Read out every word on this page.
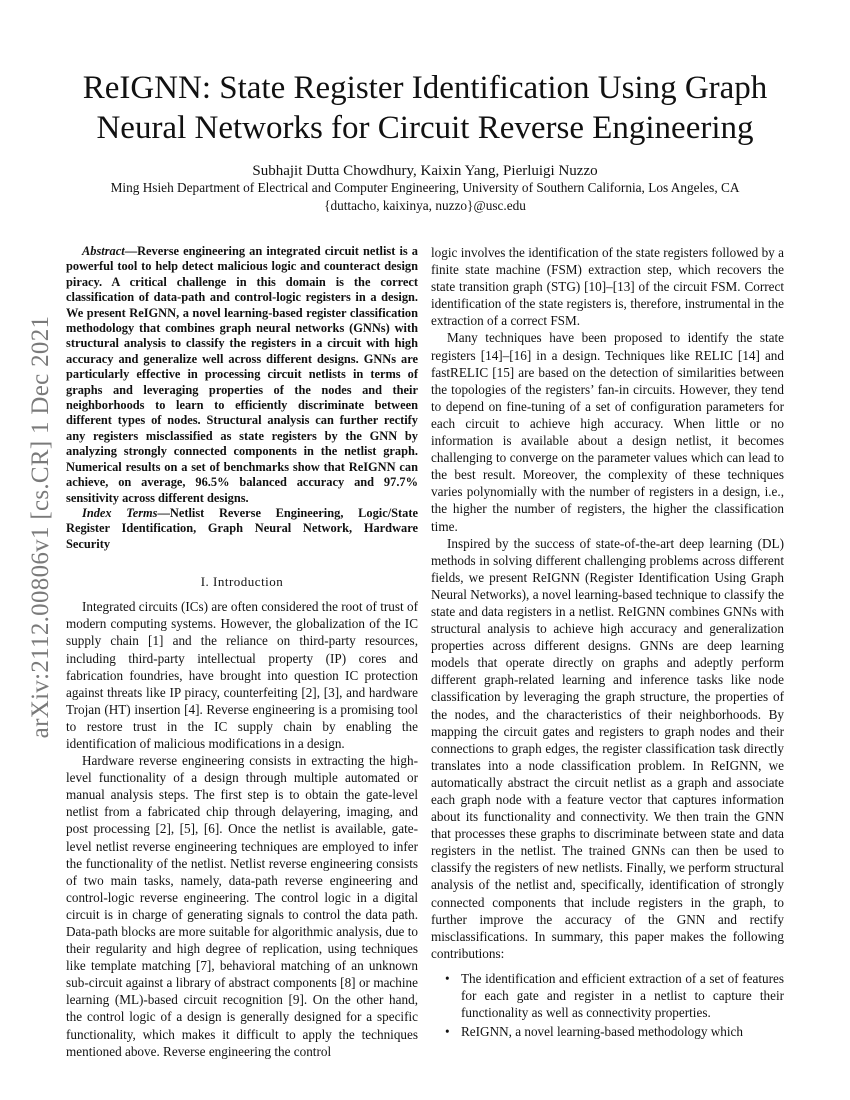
arXiv:2112.00806v1 [cs.CR] 1 Dec 2021
ReIGNN: State Register Identification Using Graph Neural Networks for Circuit Reverse Engineering
Subhajit Dutta Chowdhury, Kaixin Yang, Pierluigi Nuzzo
Ming Hsieh Department of Electrical and Computer Engineering, University of Southern California, Los Angeles, CA
{duttacho, kaixinya, nuzzo}@usc.edu

Abstract—Reverse engineering an integrated circuit netlist is a powerful tool to help detect malicious logic and counteract design piracy. A critical challenge in this domain is the correct classification of data-path and control-logic registers in a design. We present ReIGNN, a novel learning-based register classification methodology that combines graph neural networks (GNNs) with structural analysis to classify the registers in a circuit with high accuracy and generalize well across different designs. GNNs are particularly effective in processing circuit netlists in terms of graphs and leveraging properties of the nodes and their neighborhoods to learn to efficiently discriminate between different types of nodes. Structural analysis can further rectify any registers misclassified as state registers by the GNN by analyzing strongly connected components in the netlist graph. Numerical results on a set of benchmarks show that ReIGNN can achieve, on average, 96.5% balanced accuracy and 97.7% sensitivity across different designs.

Index Terms—Netlist Reverse Engineering, Logic/State Register Identification, Graph Neural Network, Hardware Security

I. Introduction

Integrated circuits (ICs) are often considered the root of trust of modern computing systems. However, the globalization of the IC supply chain [1] and the reliance on third-party resources, including third-party intellectual property (IP) cores and fabrication foundries, have brought into question IC protection against threats like IP piracy, counterfeiting [2], [3], and hardware Trojan (HT) insertion [4]. Reverse engineering is a promising tool to restore trust in the IC supply chain by enabling the identification of malicious modifications in a design.

Hardware reverse engineering consists in extracting the high-level functionality of a design through multiple automated or manual analysis steps. The first step is to obtain the gate-level netlist from a fabricated chip through delayering, imaging, and post processing [2], [5], [6]. Once the netlist is available, gate-level netlist reverse engineering techniques are employed to infer the functionality of the netlist. Netlist reverse engineering consists of two main tasks, namely, data-path reverse engineering and control-logic reverse engineering. The control logic in a digital circuit is in charge of generating signals to control the data path. Data-path blocks are more suitable for algorithmic analysis, due to their regularity and high degree of replication, using techniques like template matching [7], behavioral matching of an unknown sub-circuit against a library of abstract components [8] or machine learning (ML)-based circuit recognition [9]. On the other hand, the control logic of a design is generally designed for a specific functionality, which makes it difficult to apply the techniques mentioned above. Reverse engineering the control

logic involves the identification of the state registers followed by a finite state machine (FSM) extraction step, which recovers the state transition graph (STG) [10]–[13] of the circuit FSM. Correct identification of the state registers is, therefore, instrumental in the extraction of a correct FSM.

Many techniques have been proposed to identify the state registers [14]–[16] in a design. Techniques like RELIC [14] and fastRELIC [15] are based on the detection of similarities between the topologies of the registers’ fan-in circuits. However, they tend to depend on fine-tuning of a set of configuration parameters for each circuit to achieve high accuracy. When little or no information is available about a design netlist, it becomes challenging to converge on the parameter values which can lead to the best result. Moreover, the complexity of these techniques varies polynomially with the number of registers in a design, i.e., the higher the number of registers, the higher the classification time.

Inspired by the success of state-of-the-art deep learning (DL) methods in solving different challenging problems across different fields, we present ReIGNN (Register Identification Using Graph Neural Networks), a novel learning-based technique to classify the state and data registers in a netlist. ReIGNN combines GNNs with structural analysis to achieve high accuracy and generalization properties across different designs. GNNs are deep learning models that operate directly on graphs and adeptly perform different graph-related learning and inference tasks like node classification by leveraging the graph structure, the properties of the nodes, and the characteristics of their neighborhoods. By mapping the circuit gates and registers to graph nodes and their connections to graph edges, the register classification task directly translates into a node classification problem. In ReIGNN, we automatically abstract the circuit netlist as a graph and associate each graph node with a feature vector that captures information about its functionality and connectivity. We then train the GNN that processes these graphs to discriminate between state and data registers in the netlist. The trained GNNs can then be used to classify the registers of new netlists. Finally, we perform structural analysis of the netlist and, specifically, identification of strongly connected components that include registers in the graph, to further improve the accuracy of the GNN and rectify misclassifications. In summary, this paper makes the following contributions:

• The identification and efficient extraction of a set of features for each gate and register in a netlist to capture their functionality as well as connectivity properties.
• ReIGNN, a novel learning-based methodology which
